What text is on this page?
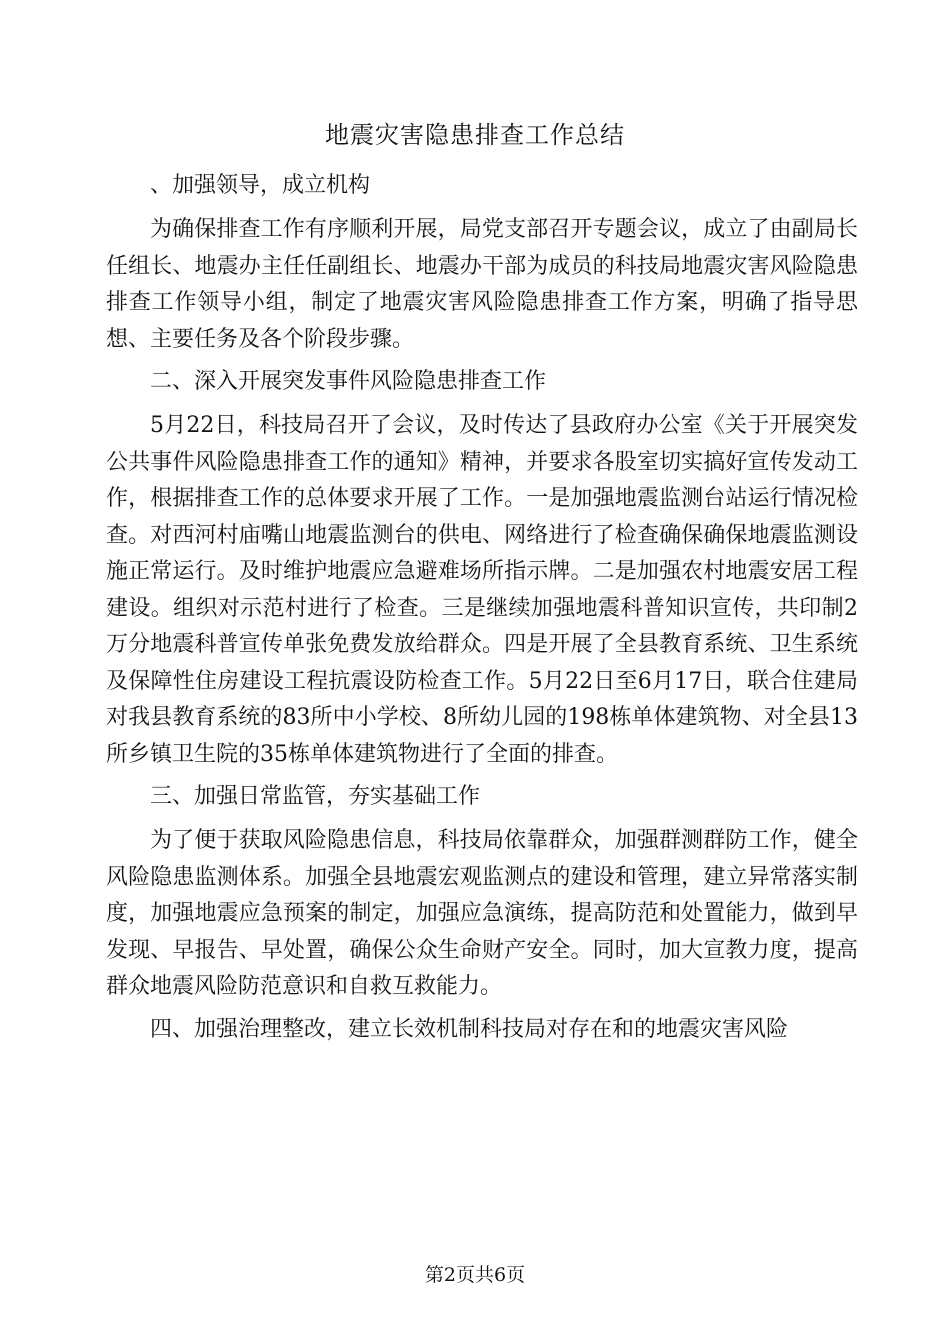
地震灾害隐患排查工作总结
、加强领导，成立机构
为确保排查工作有序顺利开展，局党支部召开专题会议，成立了由副局长任组长、地震办主任任副组长、地震办干部为成员的科技局地震灾害风险隐患排查工作领导小组，制定了地震灾害风险隐患排查工作方案，明确了指导思想、主要任务及各个阶段步骤。
二、深入开展突发事件风险隐患排查工作
5月22日，科技局召开了会议，及时传达了县政府办公室《关于开展突发公共事件风险隐患排查工作的通知》精神，并要求各股室切实搞好宣传发动工作，根据排查工作的总体要求开展了工作。一是加强地震监测台站运行情况检查。对西河村庙嘴山地震监测台的供电、网络进行了检查确保确保地震监测设施正常运行。及时维护地震应急避难场所指示牌。二是加强农村地震安居工程建设。组织对示范村进行了检查。三是继续加强地震科普知识宣传，共印制2万分地震科普宣传单张免费发放给群众。四是开展了全县教育系统、卫生系统及保障性住房建设工程抗震设防检查工作。5月22日至6月17日，联合住建局对我县教育系统的83所中小学校、8所幼儿园的198栋单体建筑物、对全县13所乡镇卫生院的35栋单体建筑物进行了全面的排查。
三、加强日常监管，夯实基础工作
为了便于获取风险隐患信息，科技局依靠群众，加强群测群防工作，健全风险隐患监测体系。加强全县地震宏观监测点的建设和管理，建立异常落实制度，加强地震应急预案的制定，加强应急演练，提高防范和处置能力，做到早发现、早报告、早处置，确保公众生命财产安全。同时，加大宣教力度，提高群众地震风险防范意识和自救互救能力。
四、加强治理整改，建立长效机制科技局对存在和的地震灾害风险
第2页共6页
